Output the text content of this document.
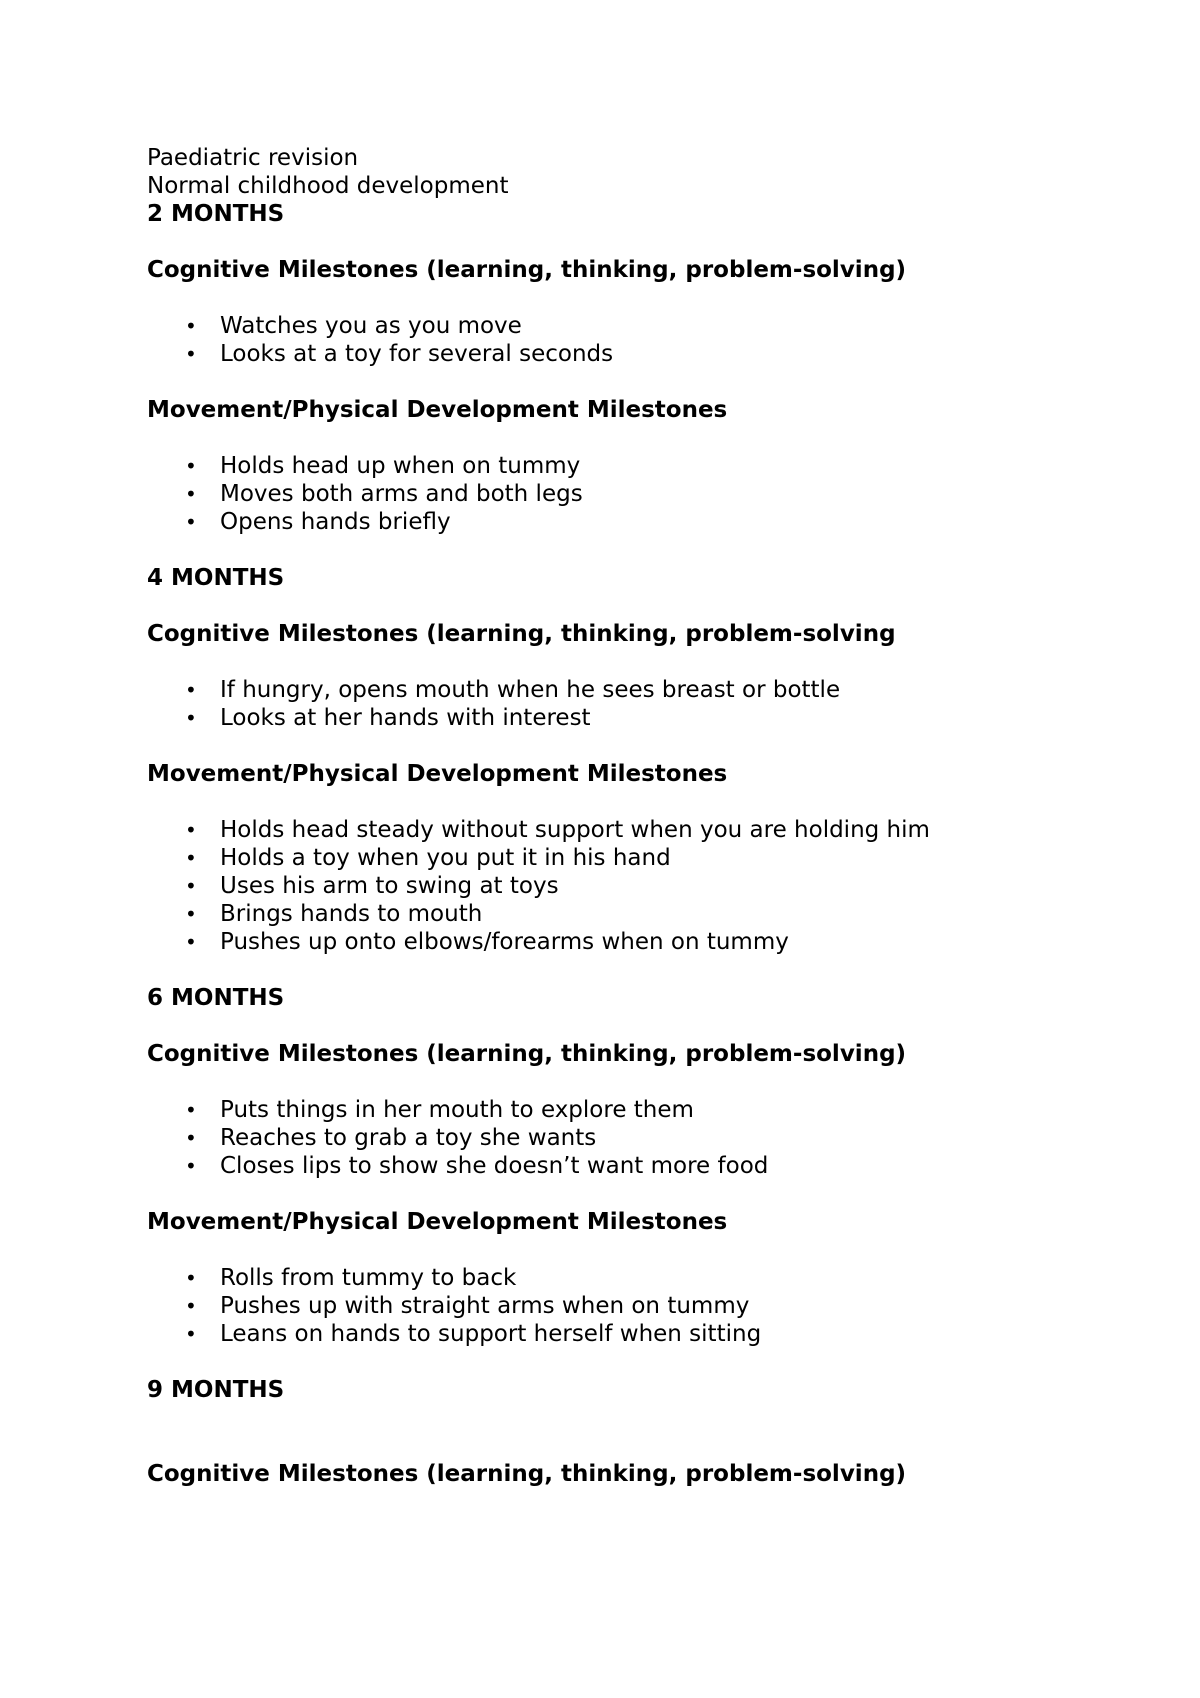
Paediatric revision

Normal childhood development

2 MONTHS

Cognitive Milestones (learning, thinking, problem-solving)

• Watches you as you move
• Looks at a toy for several seconds

Movement/Physical Development Milestones

• Holds head up when on tummy
• Moves both arms and both legs
• Opens hands briefly

4 MONTHS

Cognitive Milestones (learning, thinking, problem-solving

• If hungry, opens mouth when he sees breast or bottle
• Looks at her hands with interest

Movement/Physical Development Milestones

• Holds head steady without support when you are holding him
• Holds a toy when you put it in his hand
• Uses his arm to swing at toys
• Brings hands to mouth
• Pushes up onto elbows/forearms when on tummy

6 MONTHS

Cognitive Milestones (learning, thinking, problem-solving)

• Puts things in her mouth to explore them
• Reaches to grab a toy she wants
• Closes lips to show she doesn’t want more food

Movement/Physical Development Milestones

• Rolls from tummy to back
• Pushes up with straight arms when on tummy
• Leans on hands to support herself when sitting

9 MONTHS

Cognitive Milestones (learning, thinking, problem-solving)
